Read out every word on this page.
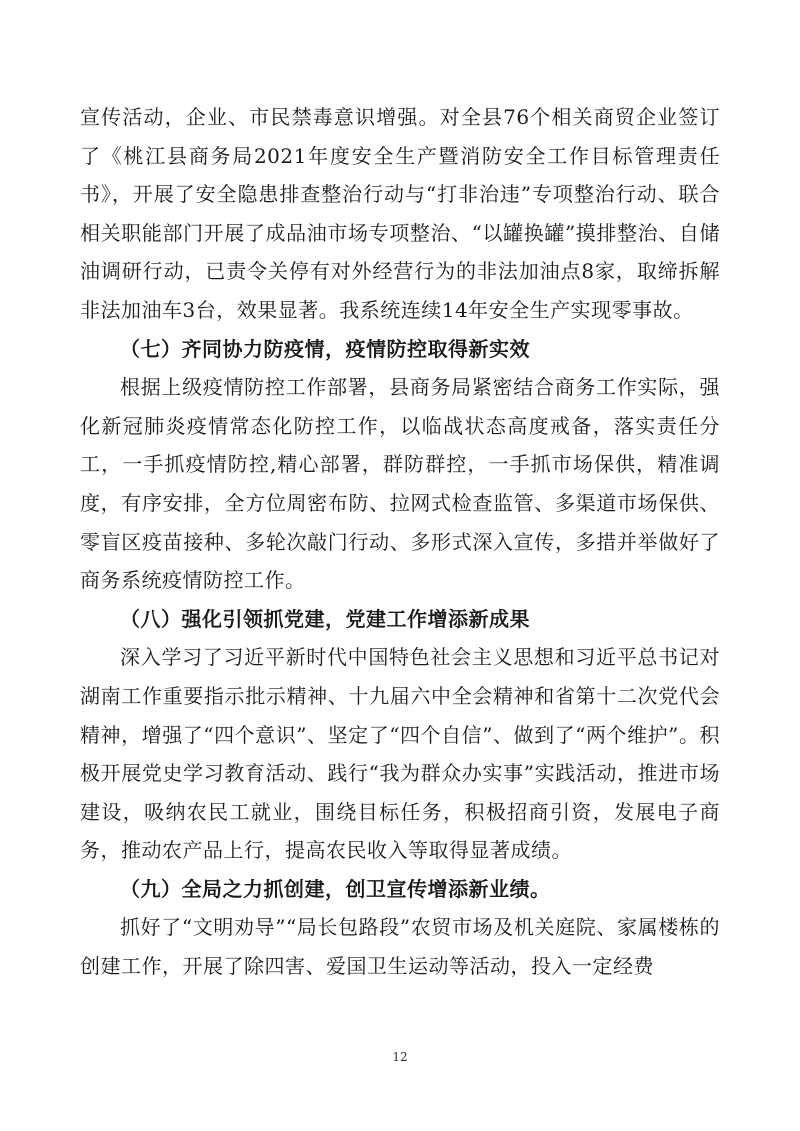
宣传活动，企业、市民禁毒意识增强。对全县76个相关商贸企业签订了《桃江县商务局2021年度安全生产暨消防安全工作目标管理责任书》，开展了安全隐患排查整治行动与“打非治违”专项整治行动、联合相关职能部门开展了成品油市场专项整治、“以罐换罐”摸排整治、自储油调研行动，已责令关停有对外经营行为的非法加油点8家，取缔拆解非法加油车3台，效果显著。我系统连续14年安全生产实现零事故。

（七）齐同协力防疫情，疫情防控取得新实效

根据上级疫情防控工作部署，县商务局紧密结合商务工作实际，强化新冠肺炎疫情常态化防控工作，以临战状态高度戒备，落实责任分工，一手抓疫情防控,精心部署，群防群控，一手抓市场保供，精准调度，有序安排，全方位周密布防、拉网式检查监管、多渠道市场保供、零盲区疫苗接种、多轮次敲门行动、多形式深入宣传，多措并举做好了商务系统疫情防控工作。

（八）强化引领抓党建，党建工作增添新成果

深入学习了习近平新时代中国特色社会主义思想和习近平总书记对湖南工作重要指示批示精神、十九届六中全会精神和省第十二次党代会精神，增强了“四个意识”、坚定了“四个自信”、做到了“两个维护”。积极开展党史学习教育活动、践行“我为群众办实事”实践活动，推进市场建设，吸纳农民工就业，围绕目标任务，积极招商引资，发展电子商务，推动农产品上行，提高农民收入等取得显著成绩。

（九）全局之力抓创建，创卫宣传增添新业绩。

抓好了“文明劝导”“局长包路段”农贸市场及机关庭院、家属楼栋的创建工作，开展了除四害、爱国卫生运动等活动，投入一定经费

12
